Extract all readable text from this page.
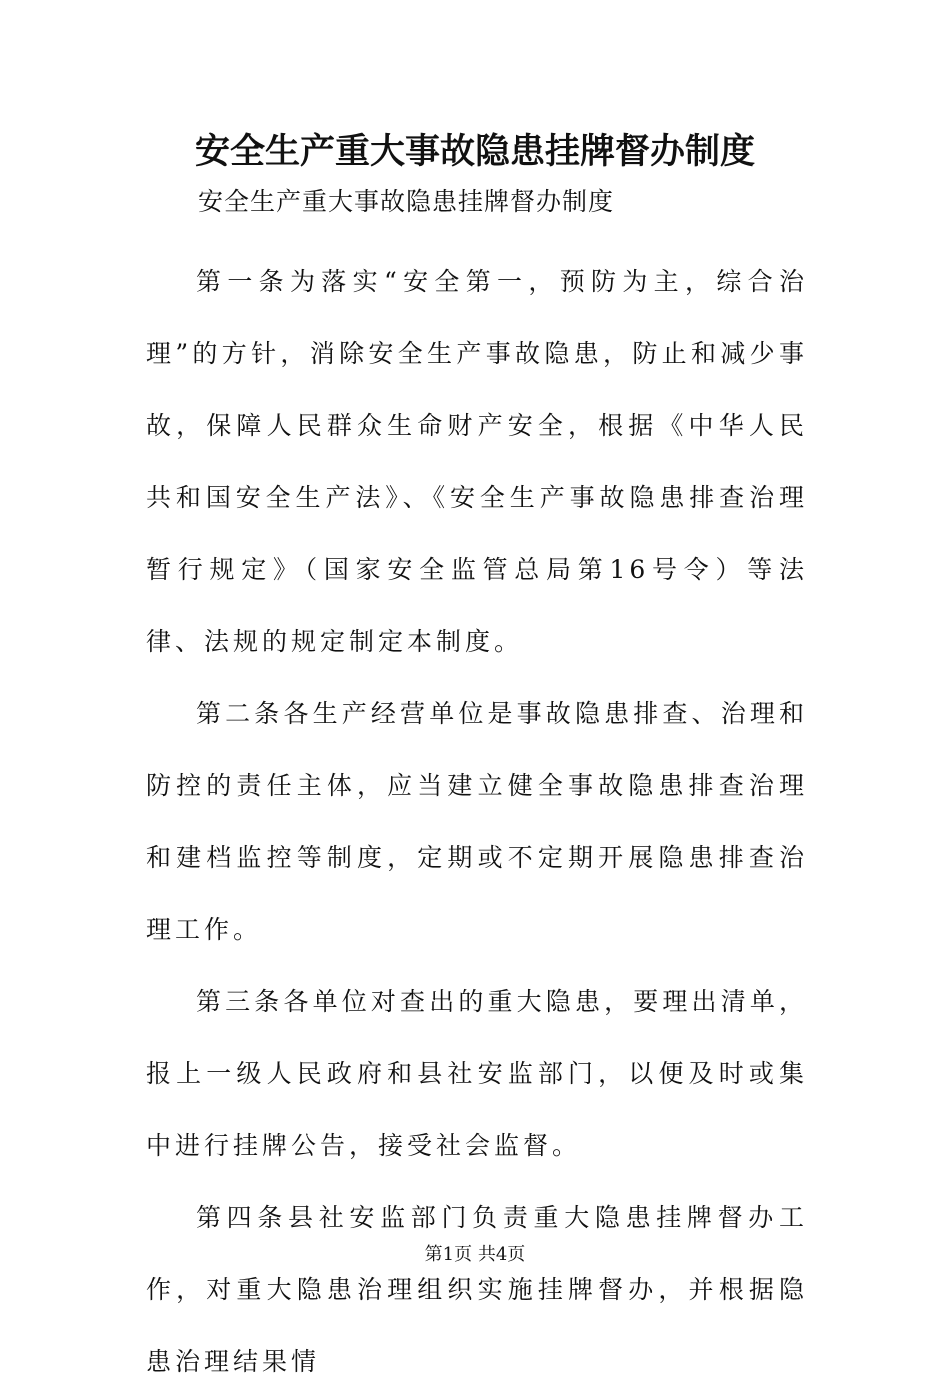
安全生产重大事故隐患挂牌督办制度

安全生产重大事故隐患挂牌督办制度

第一条为落实“安全第一，预防为主，综合治理”的方针，消除安全生产事故隐患，防止和减少事故，保障人民群众生命财产安全，根据《中华人民共和国安全生产法》、《安全生产事故隐患排查治理暂行规定》（国家安全监管总局第16号令）等法律、法规的规定制定本制度。

第二条各生产经营单位是事故隐患排查、治理和防控的责任主体，应当建立健全事故隐患排查治理和建档监控等制度，定期或不定期开展隐患排查治理工作。

第三条各单位对查出的重大隐患，要理出清单，报上一级人民政府和县社安监部门，以便及时或集中进行挂牌公告，接受社会监督。

第四条县社安监部门负责重大隐患挂牌督办工作，对重大隐患治理组织实施挂牌督办，并根据隐患治理结果情

第1页 共4页
